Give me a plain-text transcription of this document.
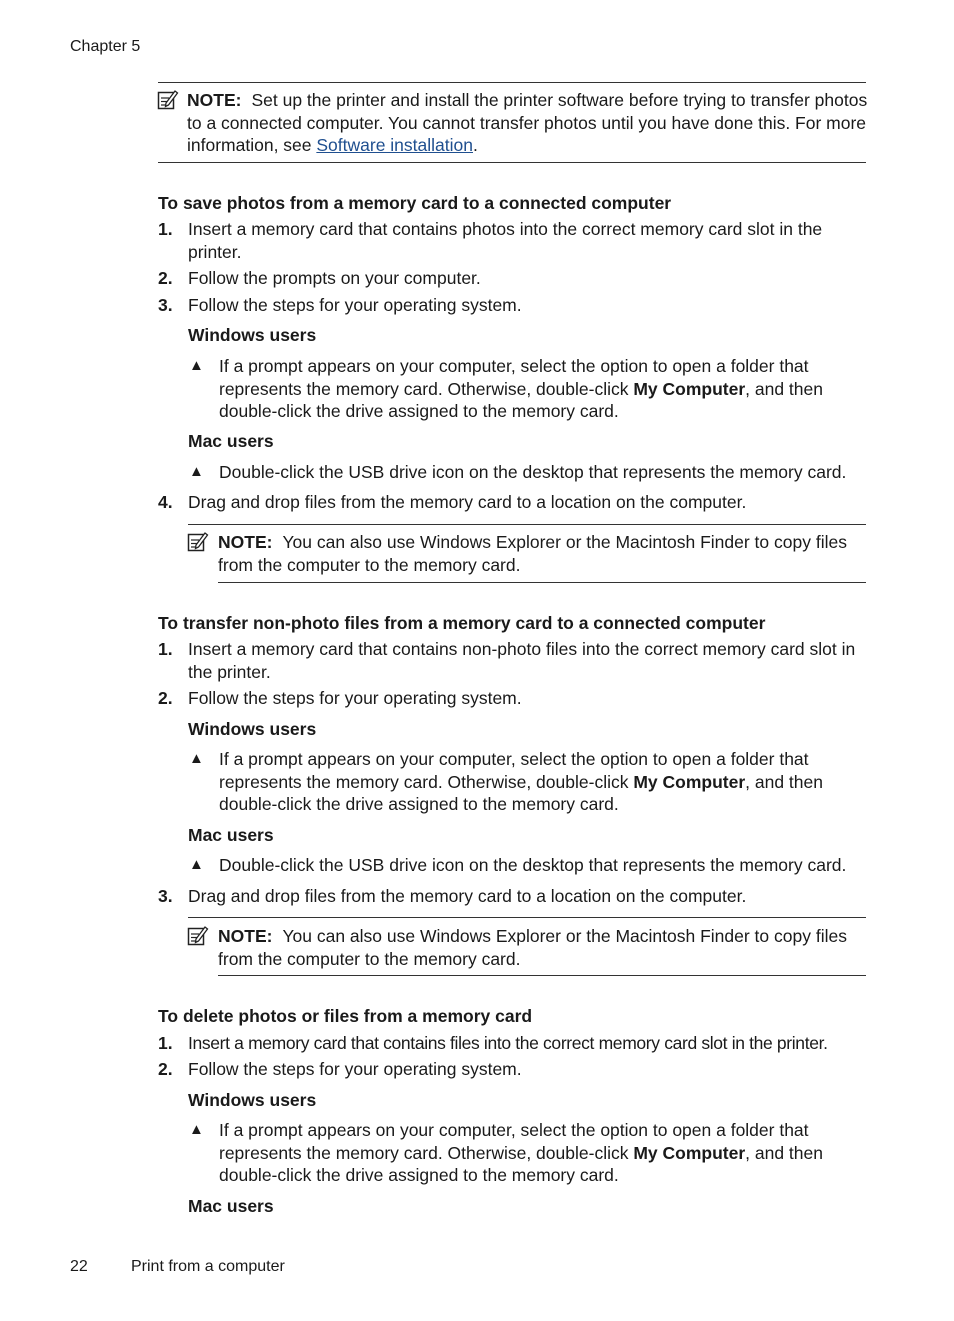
Chapter 5

NOTE: Set up the printer and install the printer software before trying to transfer photos to a connected computer. You cannot transfer photos until you have done this. For more information, see Software installation.

To save photos from a memory card to a connected computer

1. Insert a memory card that contains photos into the correct memory card slot in the printer.

2. Follow the prompts on your computer.

3. Follow the steps for your operating system.

Windows users

▲ If a prompt appears on your computer, select the option to open a folder that represents the memory card. Otherwise, double-click My Computer, and then double-click the drive assigned to the memory card.

Mac users

▲ Double-click the USB drive icon on the desktop that represents the memory card.

4. Drag and drop files from the memory card to a location on the computer.

NOTE: You can also use Windows Explorer or the Macintosh Finder to copy files from the computer to the memory card.

To transfer non-photo files from a memory card to a connected computer

1. Insert a memory card that contains non-photo files into the correct memory card slot in the printer.

2. Follow the steps for your operating system.

Windows users

▲ If a prompt appears on your computer, select the option to open a folder that represents the memory card. Otherwise, double-click My Computer, and then double-click the drive assigned to the memory card.

Mac users

▲ Double-click the USB drive icon on the desktop that represents the memory card.

3. Drag and drop files from the memory card to a location on the computer.

NOTE: You can also use Windows Explorer or the Macintosh Finder to copy files from the computer to the memory card.

To delete photos or files from a memory card

1. Insert a memory card that contains files into the correct memory card slot in the printer.

2. Follow the steps for your operating system.

Windows users

▲ If a prompt appears on your computer, select the option to open a folder that represents the memory card. Otherwise, double-click My Computer, and then double-click the drive assigned to the memory card.

Mac users

22	Print from a computer
